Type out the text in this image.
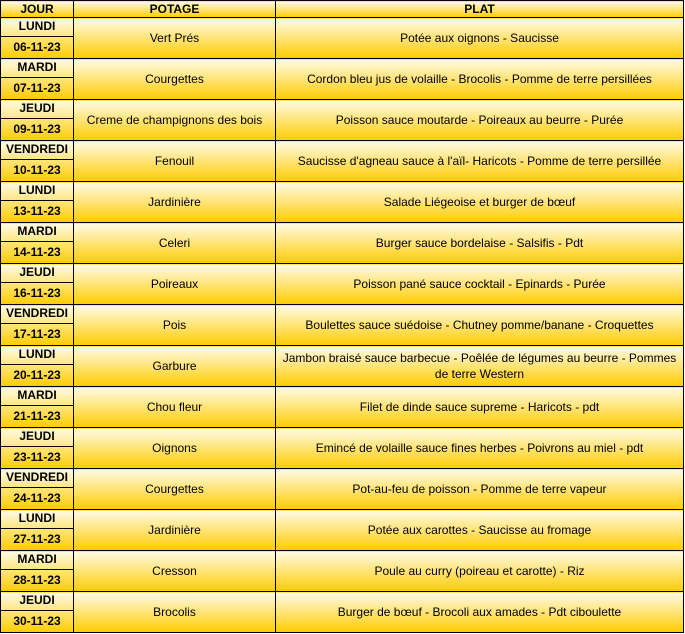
JOUR	POTAGE	PLAT

LUNDI
06-11-23	Vert Prés	Potée aux oignons - Saucisse

MARDI
07-11-23	Courgettes	Cordon bleu jus de volaille - Brocolis - Pomme de terre persillées

JEUDI
09-11-23	Creme de champignons des bois	Poisson sauce moutarde - Poireaux au beurre - Purée

VENDREDI
10-11-23	Fenouil	Saucisse d'agneau sauce à l'aïl- Haricots - Pomme de terre persillée

LUNDI
13-11-23	Jardinière	Salade Liégeoise et burger de bœuf

MARDI
14-11-23	Celeri	Burger sauce bordelaise - Salsifis - Pdt

JEUDI
16-11-23	Poireaux	Poisson pané sauce cocktail - Epinards - Purée

VENDREDI
17-11-23	Pois	Boulettes sauce suédoise - Chutney pomme/banane - Croquettes

LUNDI
20-11-23	Garbure	Jambon braisé sauce barbecue - Poêlée de légumes au beurre - Pommes de terre Western

MARDI
21-11-23	Chou fleur	Filet de dinde sauce supreme - Haricots - pdt

JEUDI
23-11-23	Oignons	Emincé de volaille sauce fines herbes - Poivrons au miel - pdt

VENDREDI
24-11-23	Courgettes	Pot-au-feu de poisson - Pomme de terre vapeur

LUNDI
27-11-23	Jardinière	Potée aux carottes - Saucisse au fromage

MARDI
28-11-23	Cresson	Poule au curry (poireau et carotte) - Riz

JEUDI
30-11-23	Brocolis	Burger de bœuf - Brocoli aux amades - Pdt ciboulette
